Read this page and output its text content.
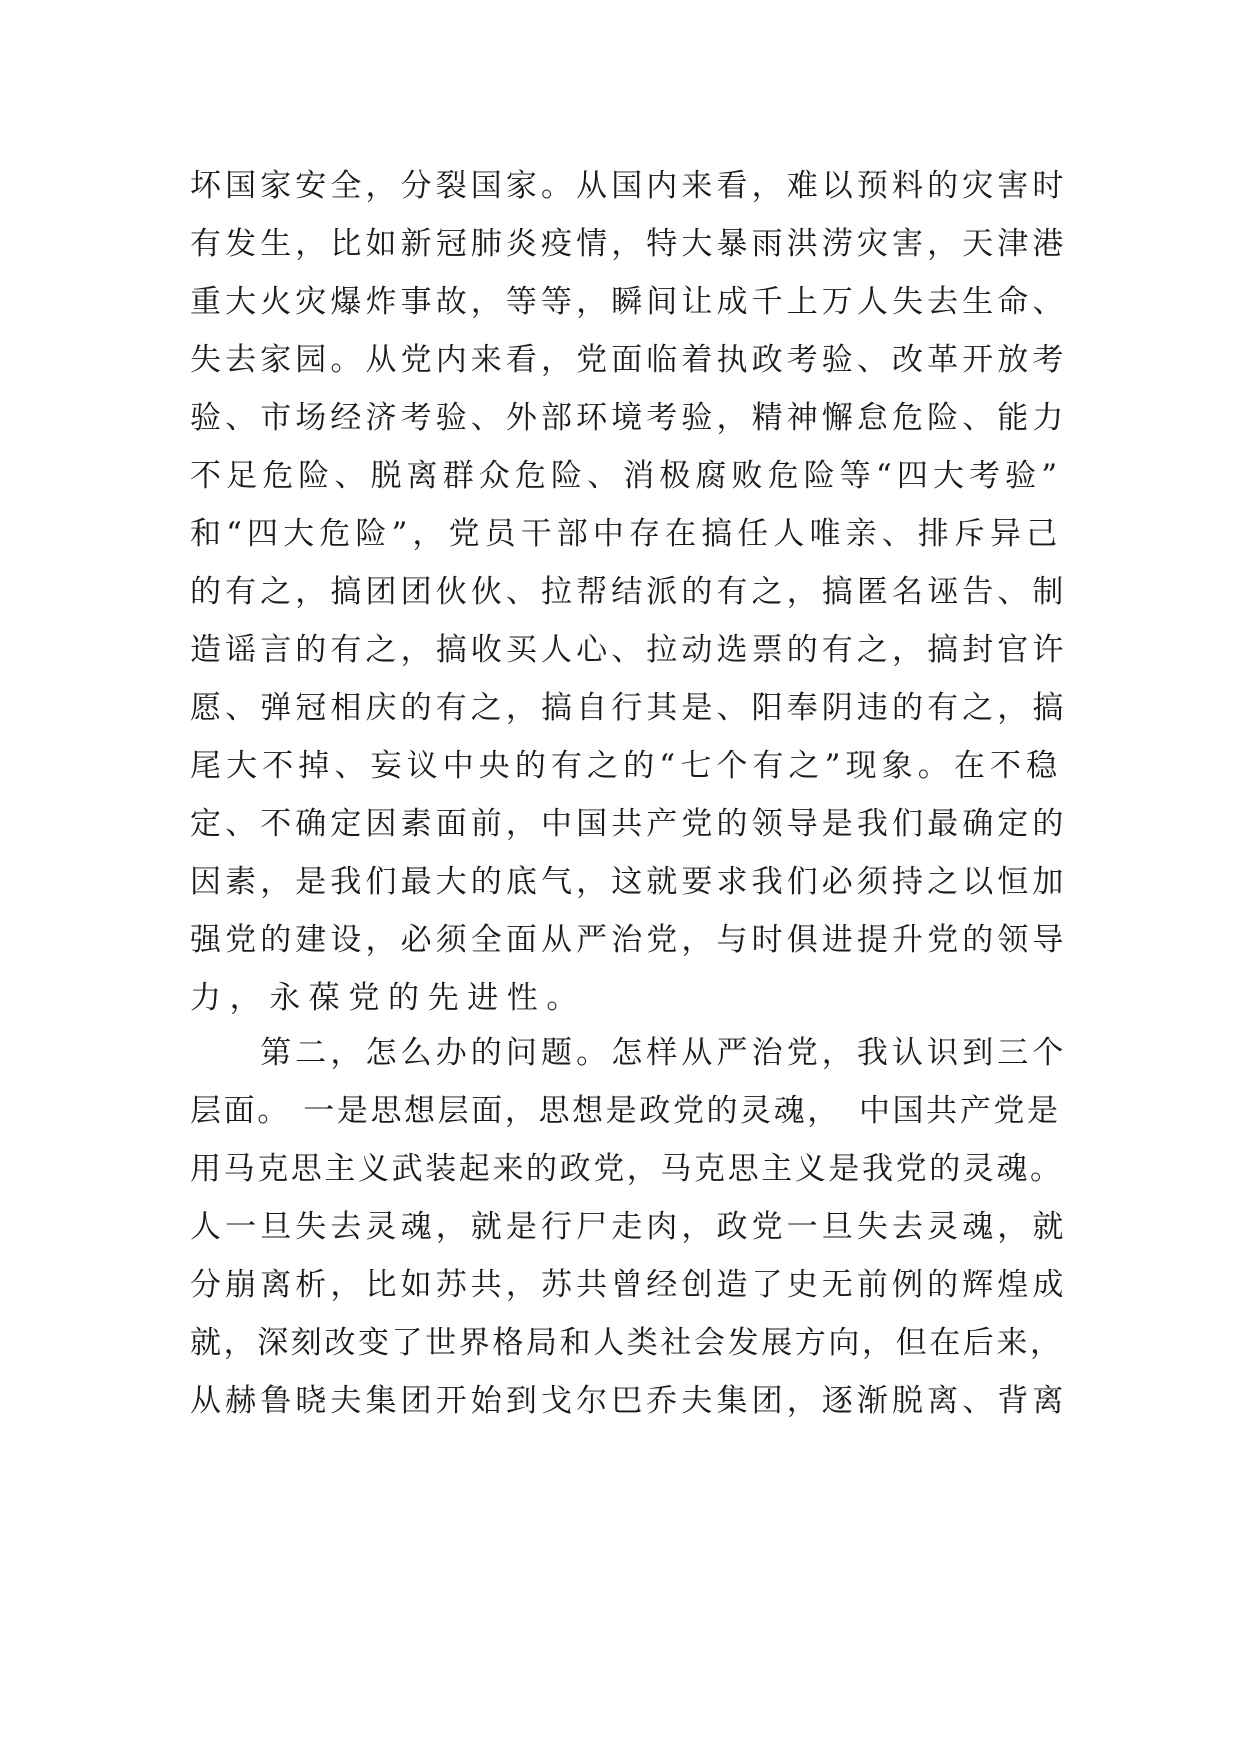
坏国家安全，分裂国家。从国内来看，难以预料的灾害时
有发生，比如新冠肺炎疫情，特大暴雨洪涝灾害，天津港
重大火灾爆炸事故，等等，瞬间让成千上万人失去生命、
失去家园。从党内来看，党面临着执政考验、改革开放考
验、市场经济考验、外部环境考验，精神懈怠危险、能力
不足危险、脱离群众危险、消极腐败危险等“四大考验”
和“四大危险”，党员干部中存在搞任人唯亲、排斥异己
的有之，搞团团伙伙、拉帮结派的有之，搞匿名诬告、制
造谣言的有之，搞收买人心、拉动选票的有之，搞封官许
愿、弹冠相庆的有之，搞自行其是、阳奉阴违的有之，搞
尾大不掉、妄议中央的有之的“七个有之”现象。在不稳
定、不确定因素面前，中国共产党的领导是我们最确定的
因素，是我们最大的底气，这就要求我们必须持之以恒加
强党的建设，必须全面从严治党，与时俱进提升党的领导
力，永葆党的先进性。
　　第二，怎么办的问题。怎样从严治党，我认识到三个
层面。 一是思想层面，思想是政党的灵魂，　中国共产党是
用马克思主义武装起来的政党，马克思主义是我党的灵魂。
人一旦失去灵魂，就是行尸走肉，政党一旦失去灵魂，就
分崩离析，比如苏共，苏共曾经创造了史无前例的辉煌成
就，深刻改变了世界格局和人类社会发展方向，但在后来，
从赫鲁晓夫集团开始到戈尔巴乔夫集团，逐渐脱离、背离
